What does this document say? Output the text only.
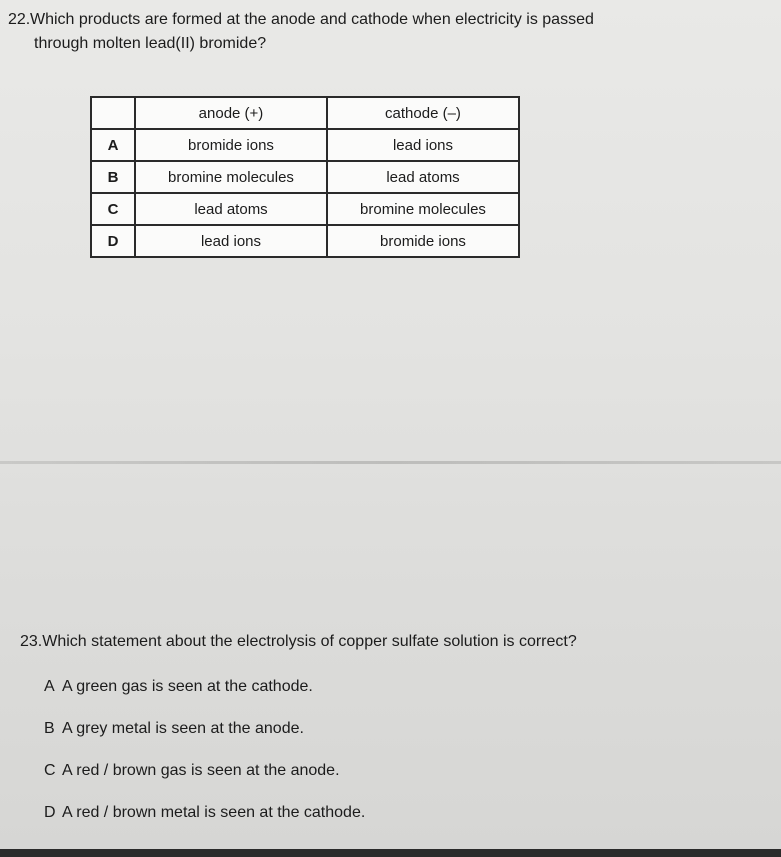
22.Which products are formed at the anode and cathode when electricity is passed
through molten lead(II) bromide?
	anode (+)	cathode (–)
A	bromide ions	lead ions
B	bromine molecules	lead atoms
C	lead atoms	bromine molecules
D	lead ions	bromide ions
23.Which statement about the electrolysis of copper sulfate solution is correct?
A A green gas is seen at the cathode.
B A grey metal is seen at the anode.
C A red / brown gas is seen at the anode.
D A red / brown metal is seen at the cathode.
